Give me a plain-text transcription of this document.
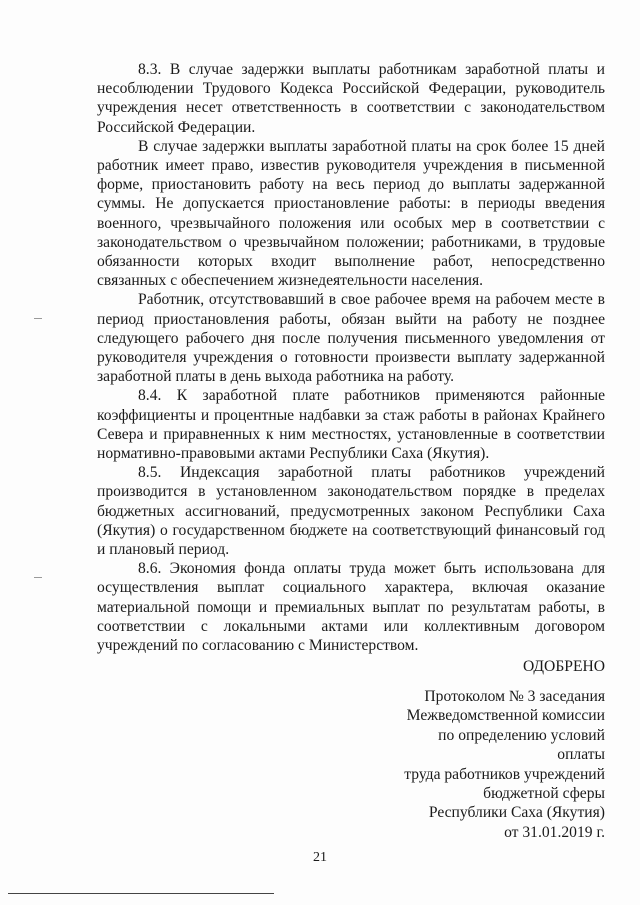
8.3. В случае задержки выплаты работникам заработной платы и несоблюдении Трудового Кодекса Российской Федерации, руководитель учреждения несет ответственность в соответствии с законодательством Российской Федерации.

В случае задержки выплаты заработной платы на срок более 15 дней работник имеет право, известив руководителя учреждения в письменной форме, приостановить работу на весь период до выплаты задержанной суммы. Не допускается приостановление работы: в периоды введения военного, чрезвычайного положения или особых мер в соответствии с законодательством о чрезвычайном положении; работниками, в трудовые обязанности которых входит выполнение работ, непосредственно связанных с обеспечением жизнедеятельности населения.

Работник, отсутствовавший в свое рабочее время на рабочем месте в период приостановления работы, обязан выйти на работу не позднее следующего рабочего дня после получения письменного уведомления от руководителя учреждения о готовности произвести выплату задержанной заработной платы в день выхода работника на работу.

8.4. К заработной плате работников применяются районные коэффициенты и процентные надбавки за стаж работы в районах Крайнего Севера и приравненных к ним местностях, установленные в соответствии нормативно-правовыми актами Республики Саха (Якутия).

8.5. Индексация заработной платы работников учреждений производится в установленном законодательством порядке в пределах бюджетных ассигнований, предусмотренных законом Республики Саха (Якутия) о государственном бюджете на соответствующий финансовый год и плановый период.

8.6. Экономия фонда оплаты труда может быть использована для осуществления выплат социального характера, включая оказание материальной помощи и премиальных выплат по результатам работы, в соответствии с локальными актами или коллективным договором учреждений по согласованию с Министерством.

ОДОБРЕНО
Протоколом № 3 заседания
Межведомственной комиссии
по определению условий
оплаты
труда работников учреждений
бюджетной сферы
Республики Саха (Якутия)
от 31.01.2019 г.
21
